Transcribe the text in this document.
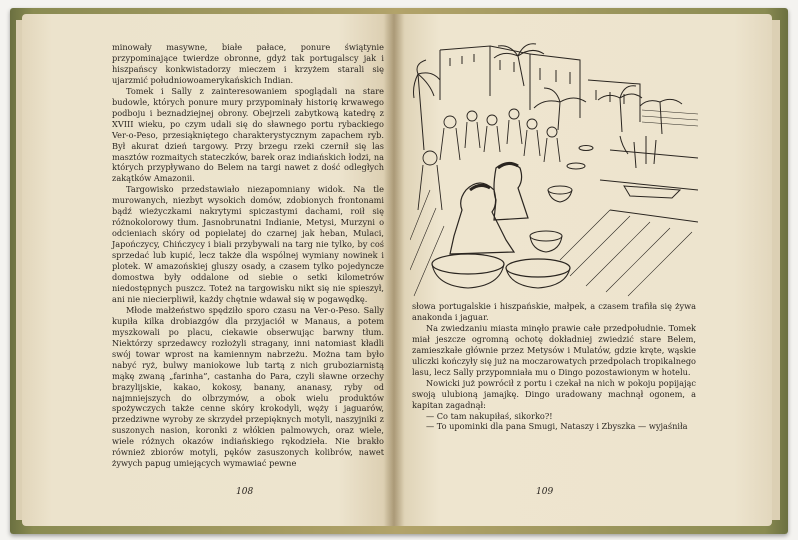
minowały masywne, białe pałace, ponure świątynie przypominające twierdze obronne, gdyż tak portugalscy jak i hiszpańscy konkwistadorzy mieczem i krzyżem starali się ujarzmić południowoamerykańskich Indian.

Tomek i Sally z zainteresowaniem spoglądali na stare budowle, których ponure mury przypominały historię krwawego podboju i beznadziejnej obrony. Obejrzeli zabytkową katedrę z XVIII wieku, po czym udali się do sławnego portu rybackiego Ver-o-Peso, przesiąkniętego charakterystycznym zapachem ryb. Był akurat dzień targowy. Przy brzegu rzeki czernił się las masztów rozmaitych stateczków, barek oraz indiańskich łodzi, na których przypływano do Belem na targi nawet z dość odległych zakątków Amazonii.

Targowisko przedstawiało niezapomniany widok. Na tle murowanych, niezbyt wysokich domów, zdobionych frontonami bądź wieżyczkami nakrytymi spiczastymi dachami, roił się różnokolorowy tłum. Jasnobrunatni Indianie, Metysi, Murzyni o odcieniach skóry od popielatej do czarnej jak heban, Mulaci, Japończycy, Chińczycy i biali przybywali na targ nie tylko, by coś sprzedać lub kupić, lecz także dla wspólnej wymiany nowinek i plotek. W amazońskiej gluszy osady, a czasem tylko pojedyncze domostwa były oddalone od siebie o setki kilometrów niedostępnych puszcz. Toteż na targowisku nikt się nie spieszył, ani nie niecierpliwił, każdy chętnie wdawał się w pogawędkę.

Młode małżeństwo spędziło sporo czasu na Ver-o-Peso. Sally kupiła kilka drobiazgów dla przyjaciół w Manaus, a potem myszkowali po placu, ciekawie obserwując barwny tłum. Niektórzy sprzedawcy rozłożyli stragany, inni natomiast kładli swój towar wprost na kamiennym nabrzeżu. Można tam było nabyć ryż, bulwy maniokowe lub tartą z nich gruboziarnistą mąkę zwaną „farinha”, castanha do Para, czyli sławne orzechy brazylijskie, kakao, kokosy, banany, ananasy, ryby od najmniejszych do olbrzymów, a obok wielu produktów spożywczych także cenne skóry krokodyli, węży i jaguarów, przedziwne wyroby ze skrzydeł przepięknych motyli, naszyjniki z suszonych nasion, koronki z włókien palmowych, oraz wiele, wiele różnych okazów indiańskiego rękodzieła. Nie brakło również zbiorów motyli, pęków zasuszonych kolibrów, nawet żywych papug umiejących wymawiać pewne

108

słowa portugalskie i hiszpańskie, małpek, a czasem trafiła się żywa anakonda i jaguar.

Na zwiedzaniu miasta minęło prawie całe przedpołudnie. Tomek miał jeszcze ogromną ochotę dokładniej zwiedzić stare Belem, zamieszkałe głównie przez Metysów i Mulatów, gdzie kręte, wąskie uliczki kończyły się już na moczarowatych przedpolach tropikalnego lasu, lecz Sally przypomniała mu o Dingo pozostawionym w hotelu.

Nowicki już powrócił z portu i czekał na nich w pokoju popijając swoją ulubioną jamajkę. Dingo uradowany machnął ogonem, a kapitan zagadnął:

— Co tam nakupiłaś, sikorko?!

— To upominki dla pana Smugi, Nataszy i Zbyszka — wyjaśniła

109
